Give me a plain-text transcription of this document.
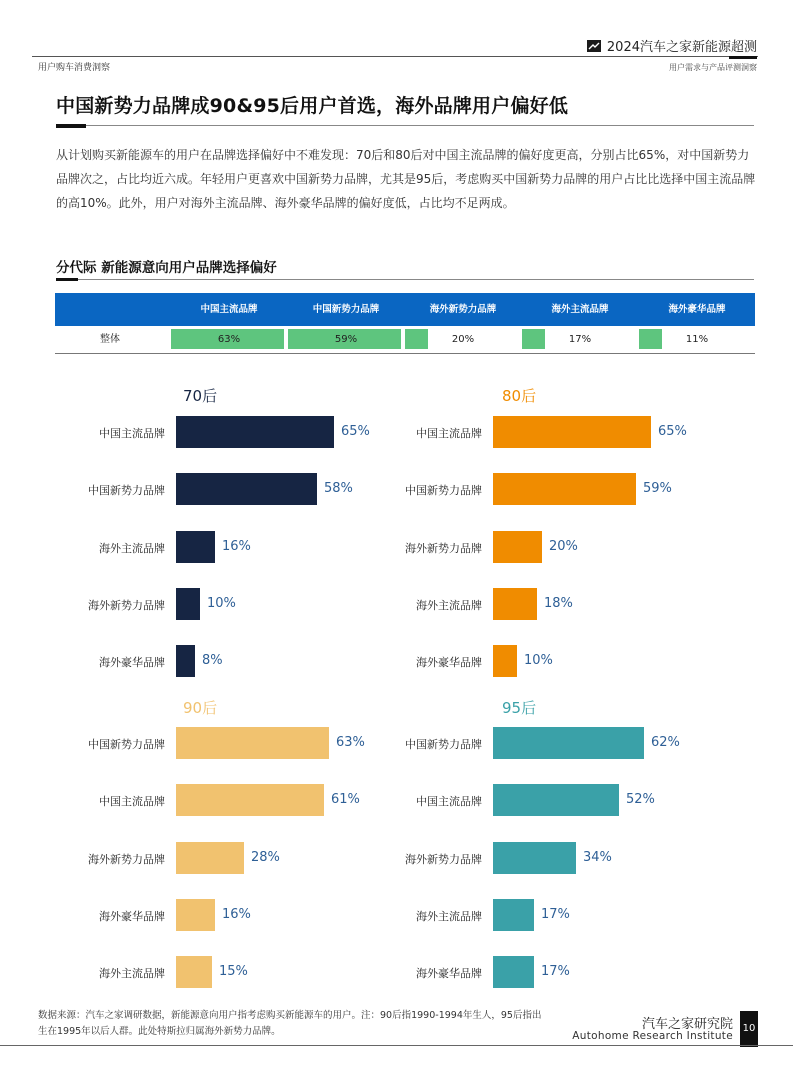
2024汽车之家新能源超测
用户购车消费洞察	用户需求与产品评测洞察
中国新势力品牌成90&95后用户首选，海外品牌用户偏好低
从计划购买新能源车的用户在品牌选择偏好中不难发现：70后和80后对中国主流品牌的偏好度更高，分别占比65%，对中国新势力品牌次之，占比均近六成。年轻用户更喜欢中国新势力品牌，尤其是95后，考虑购买中国新势力品牌的用户占比比选择中国主流品牌的高10%。此外，用户对海外主流品牌、海外豪华品牌的偏好度低，占比均不足两成。
分代际 新能源意向用户品牌选择偏好
中国主流品牌	中国新势力品牌	海外新势力品牌	海外主流品牌	海外豪华品牌
整体	63%	59%	20%	17%	11%
70后
中国主流品牌	65%
中国新势力品牌	58%
海外主流品牌	16%
海外新势力品牌	10%
海外豪华品牌	8%
80后
中国主流品牌	65%
中国新势力品牌	59%
海外新势力品牌	20%
海外主流品牌	18%
海外豪华品牌	10%
90后
中国新势力品牌	63%
中国主流品牌	61%
海外新势力品牌	28%
海外豪华品牌	16%
海外主流品牌	15%
95后
中国新势力品牌	62%
中国主流品牌	52%
海外新势力品牌	34%
海外主流品牌	17%
海外豪华品牌	17%
数据来源：汽车之家调研数据，新能源意向用户指考虑购买新能源车的用户。注：90后指1990-1994年生人，95后指出生在1995年以后人群。此处特斯拉归属海外新势力品牌。	汽车之家研究院
Autohome Research Institute
10
